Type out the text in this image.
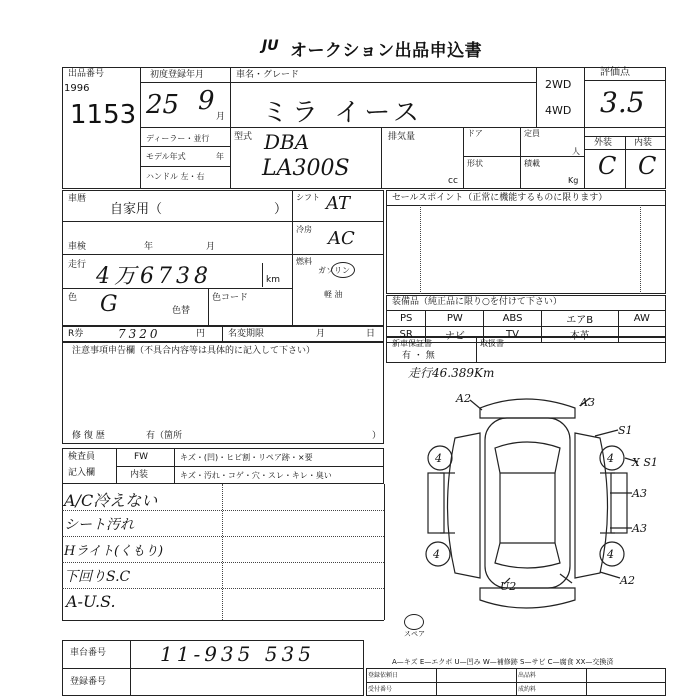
JU オークション出品申込書
出品番号
1996
1153
初度登録年月
25 9
月
車名・グレード
ミラ イース
2WD
4WD
評価点
3.5
外装 内装
C C
ディーラー・並行
モデル年式	年
ハンドル 左・右
型式 DBA
LA300S
排気量
cc
ドア
形状
定員
人
積載
Kg
車暦
自家用（	）
シフト AT
冷房 AC
燃料
ガソリン
軽 油
車検	年	月
走行 4万6738	km
色 G	色替
色コード
R券	7320	円	名変期限	月	日
注意事項申告欄（不具合内容等は具体的に記入して下さい）
修 復 歴	有（箇所	）
検査員
記入欄
FW
内装
キズ・(凹)・ヒビ割・リペア跡・×要
キズ・汚れ・コゲ・穴・スレ・キレ・臭い
A/C冷えない
シート汚れ
Hライト(くもり)
下回りS.C
A-U.S.
セールスポイント（正常に機能するものに限ります）
装備品（純正品に限り○を付けて下さい）
PS	PW	ABS	エアB	AW
SR	ナビ	TV	本革	
新車保証書
有 ・ 無
取扱書
走行46.389Km
A2	A3
S1
X S1
A3
A3
U2	A2
4	4
4	4
スペア
車台番号	11-935 535
登録番号
A—キズ E—エクボ U—凹み W—補修跡 S—サビ C—腐食 XX—交換済
登録依頼日
受付番号
出品料
成約料
